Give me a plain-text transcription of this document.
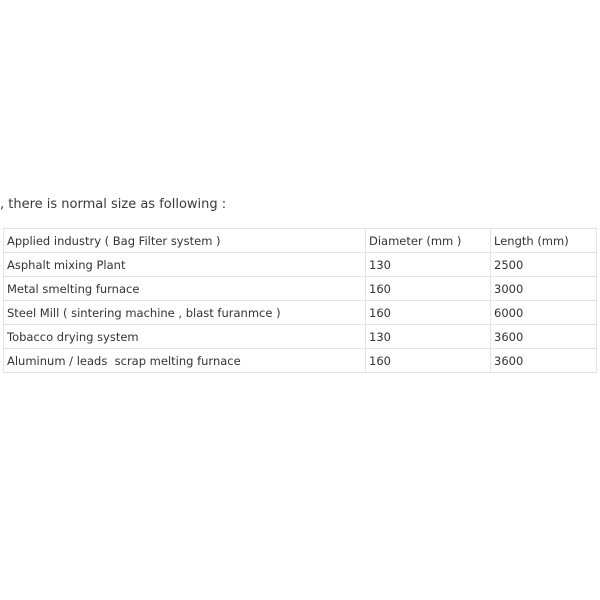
, there is normal size as following :
Applied industry ( Bag Filter system )	Diameter (mm )	Length (mm)
Asphalt mixing Plant	130	2500
Metal smelting furnace	160	3000
Steel Mill ( sintering machine , blast furanmce )	160	6000
Tobacco drying system	130	3600
Aluminum / leads  scrap melting furnace	160	3600
